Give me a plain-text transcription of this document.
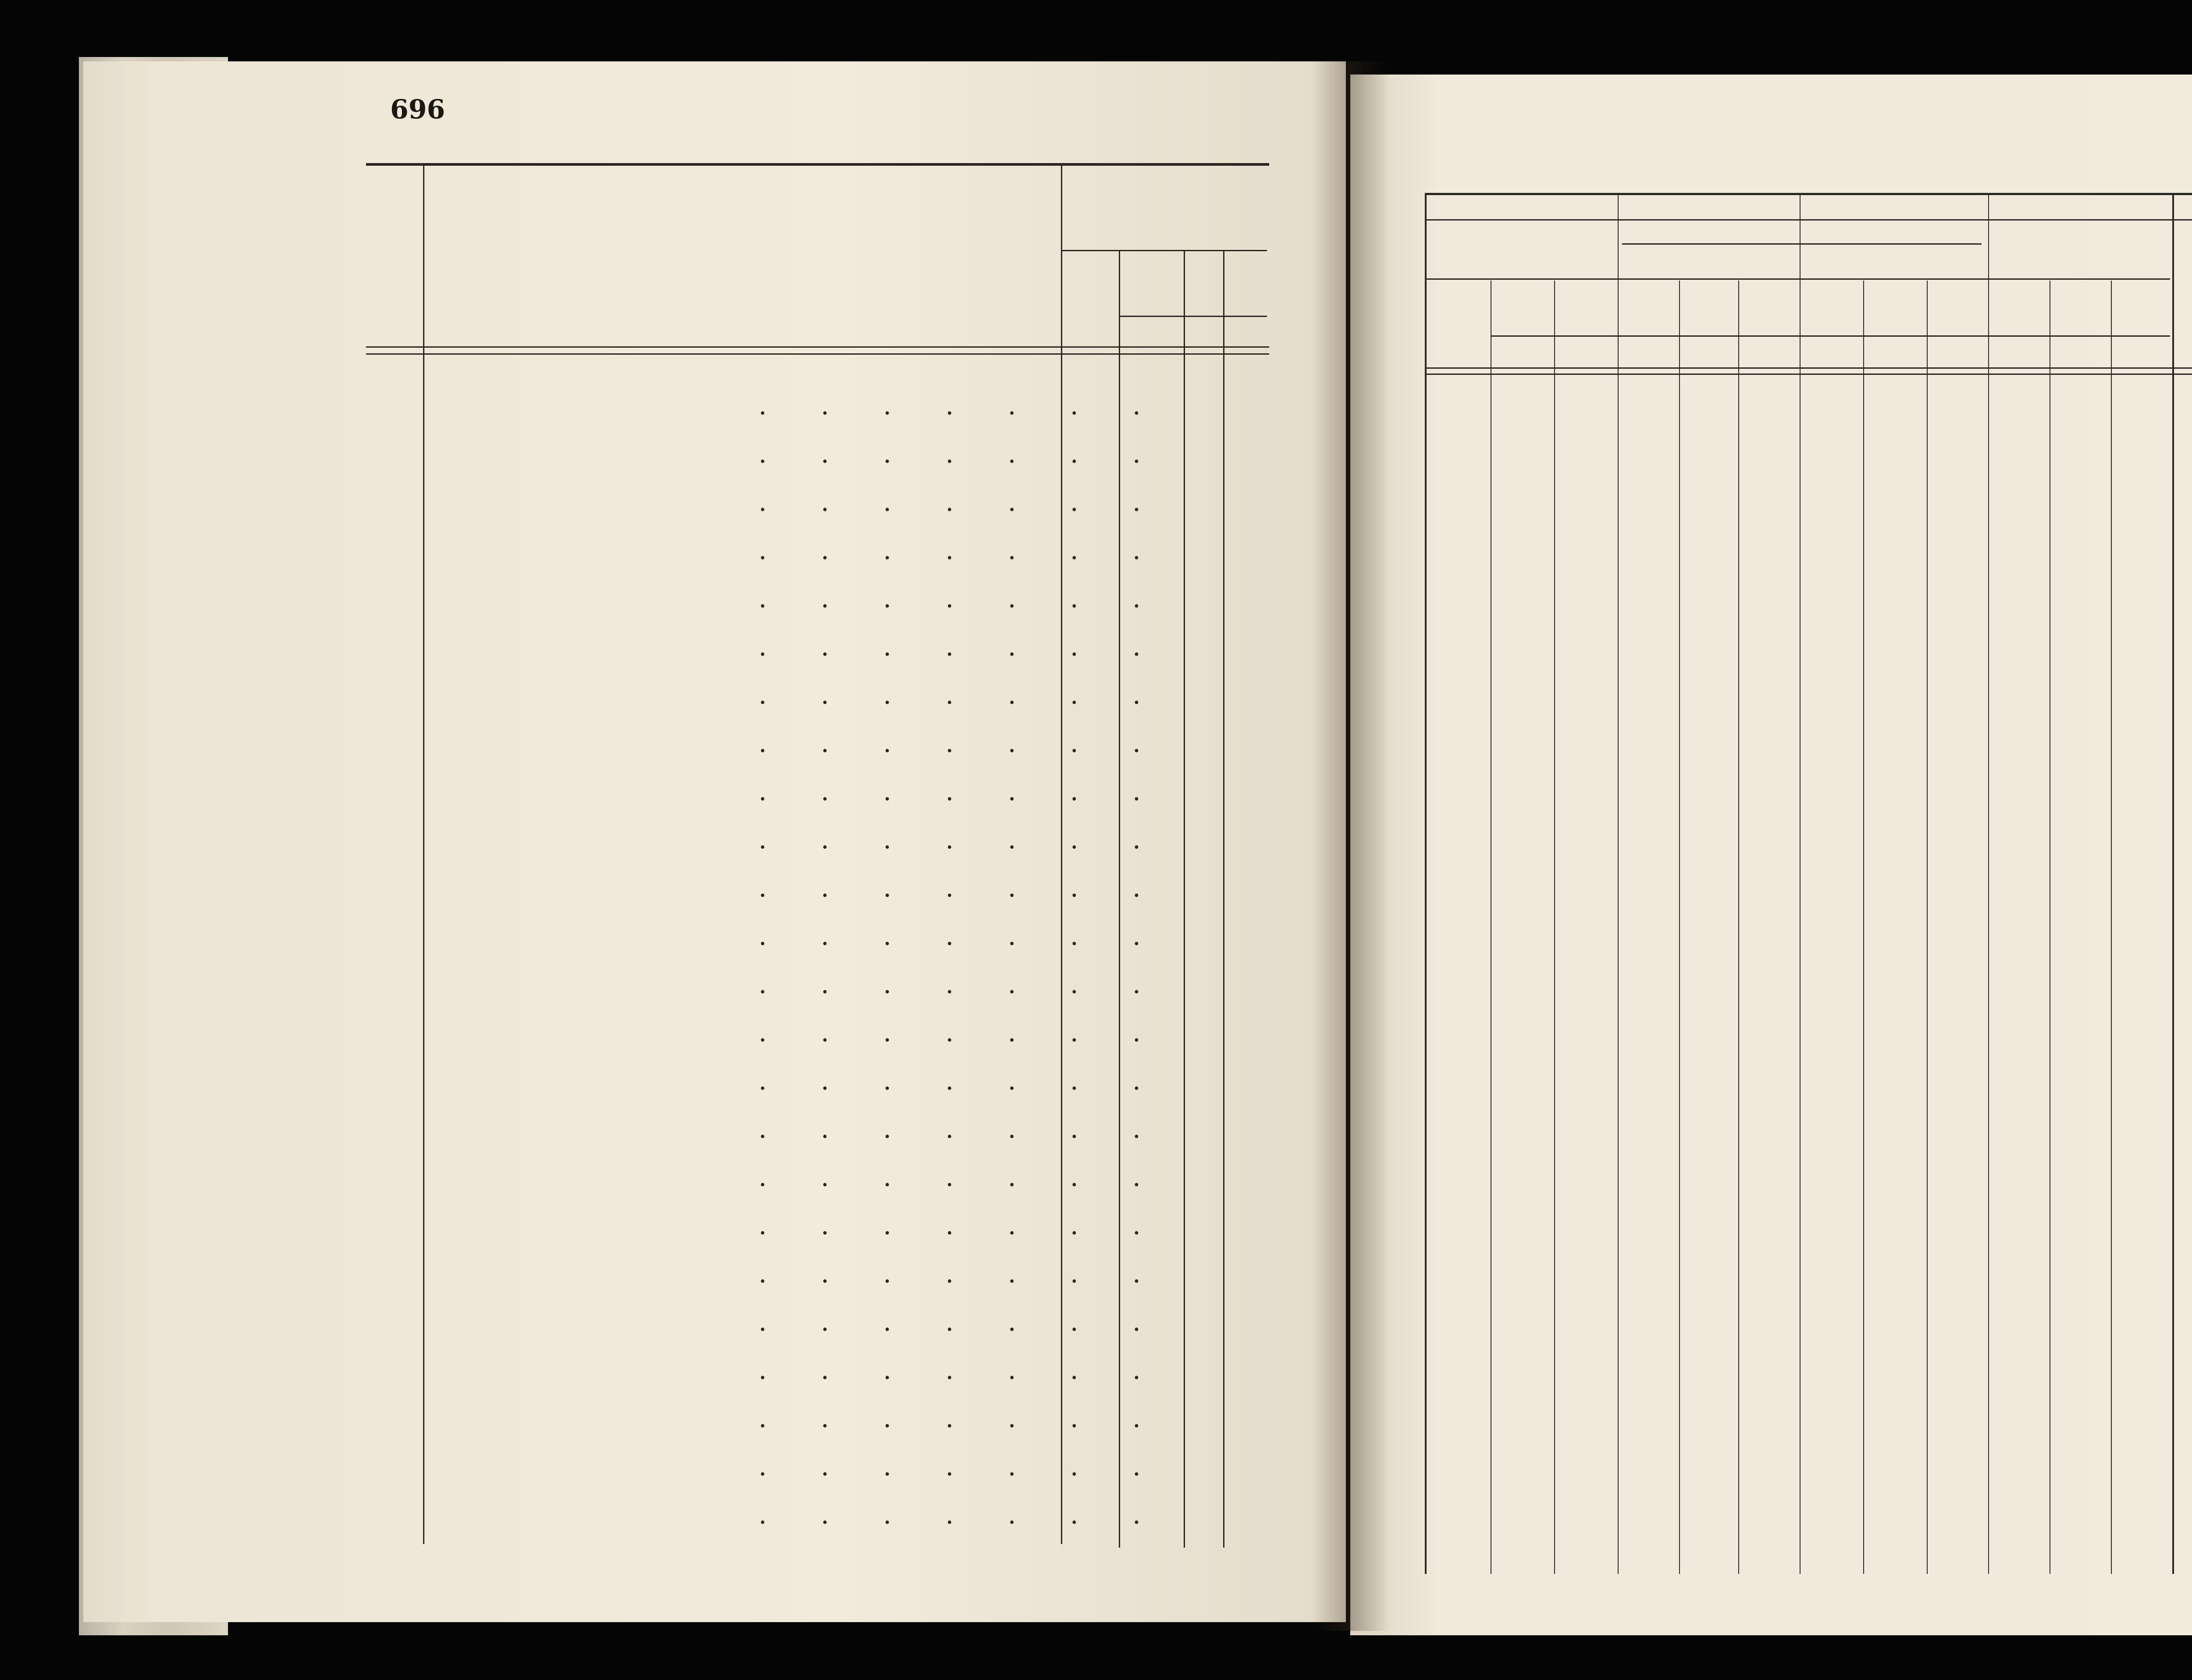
696
. . . . . . .
. . . . . . .
. . . . . . .
. . . . . . .
. . . . . . .
. . . . . . .
. . . . . . .
. . . . . . .
. . . . . . .
. . . . . . .
. . . . . . .
. . . . . . .
. . . . . . .
. . . . . . .
. . . . . . .
. . . . . . .
. . . . . . .
. . . . . . .
. . . . . . .
. . . . . . .
. . . . . . .
. . . . . . .
. . . . . . .
. . . . . . .
